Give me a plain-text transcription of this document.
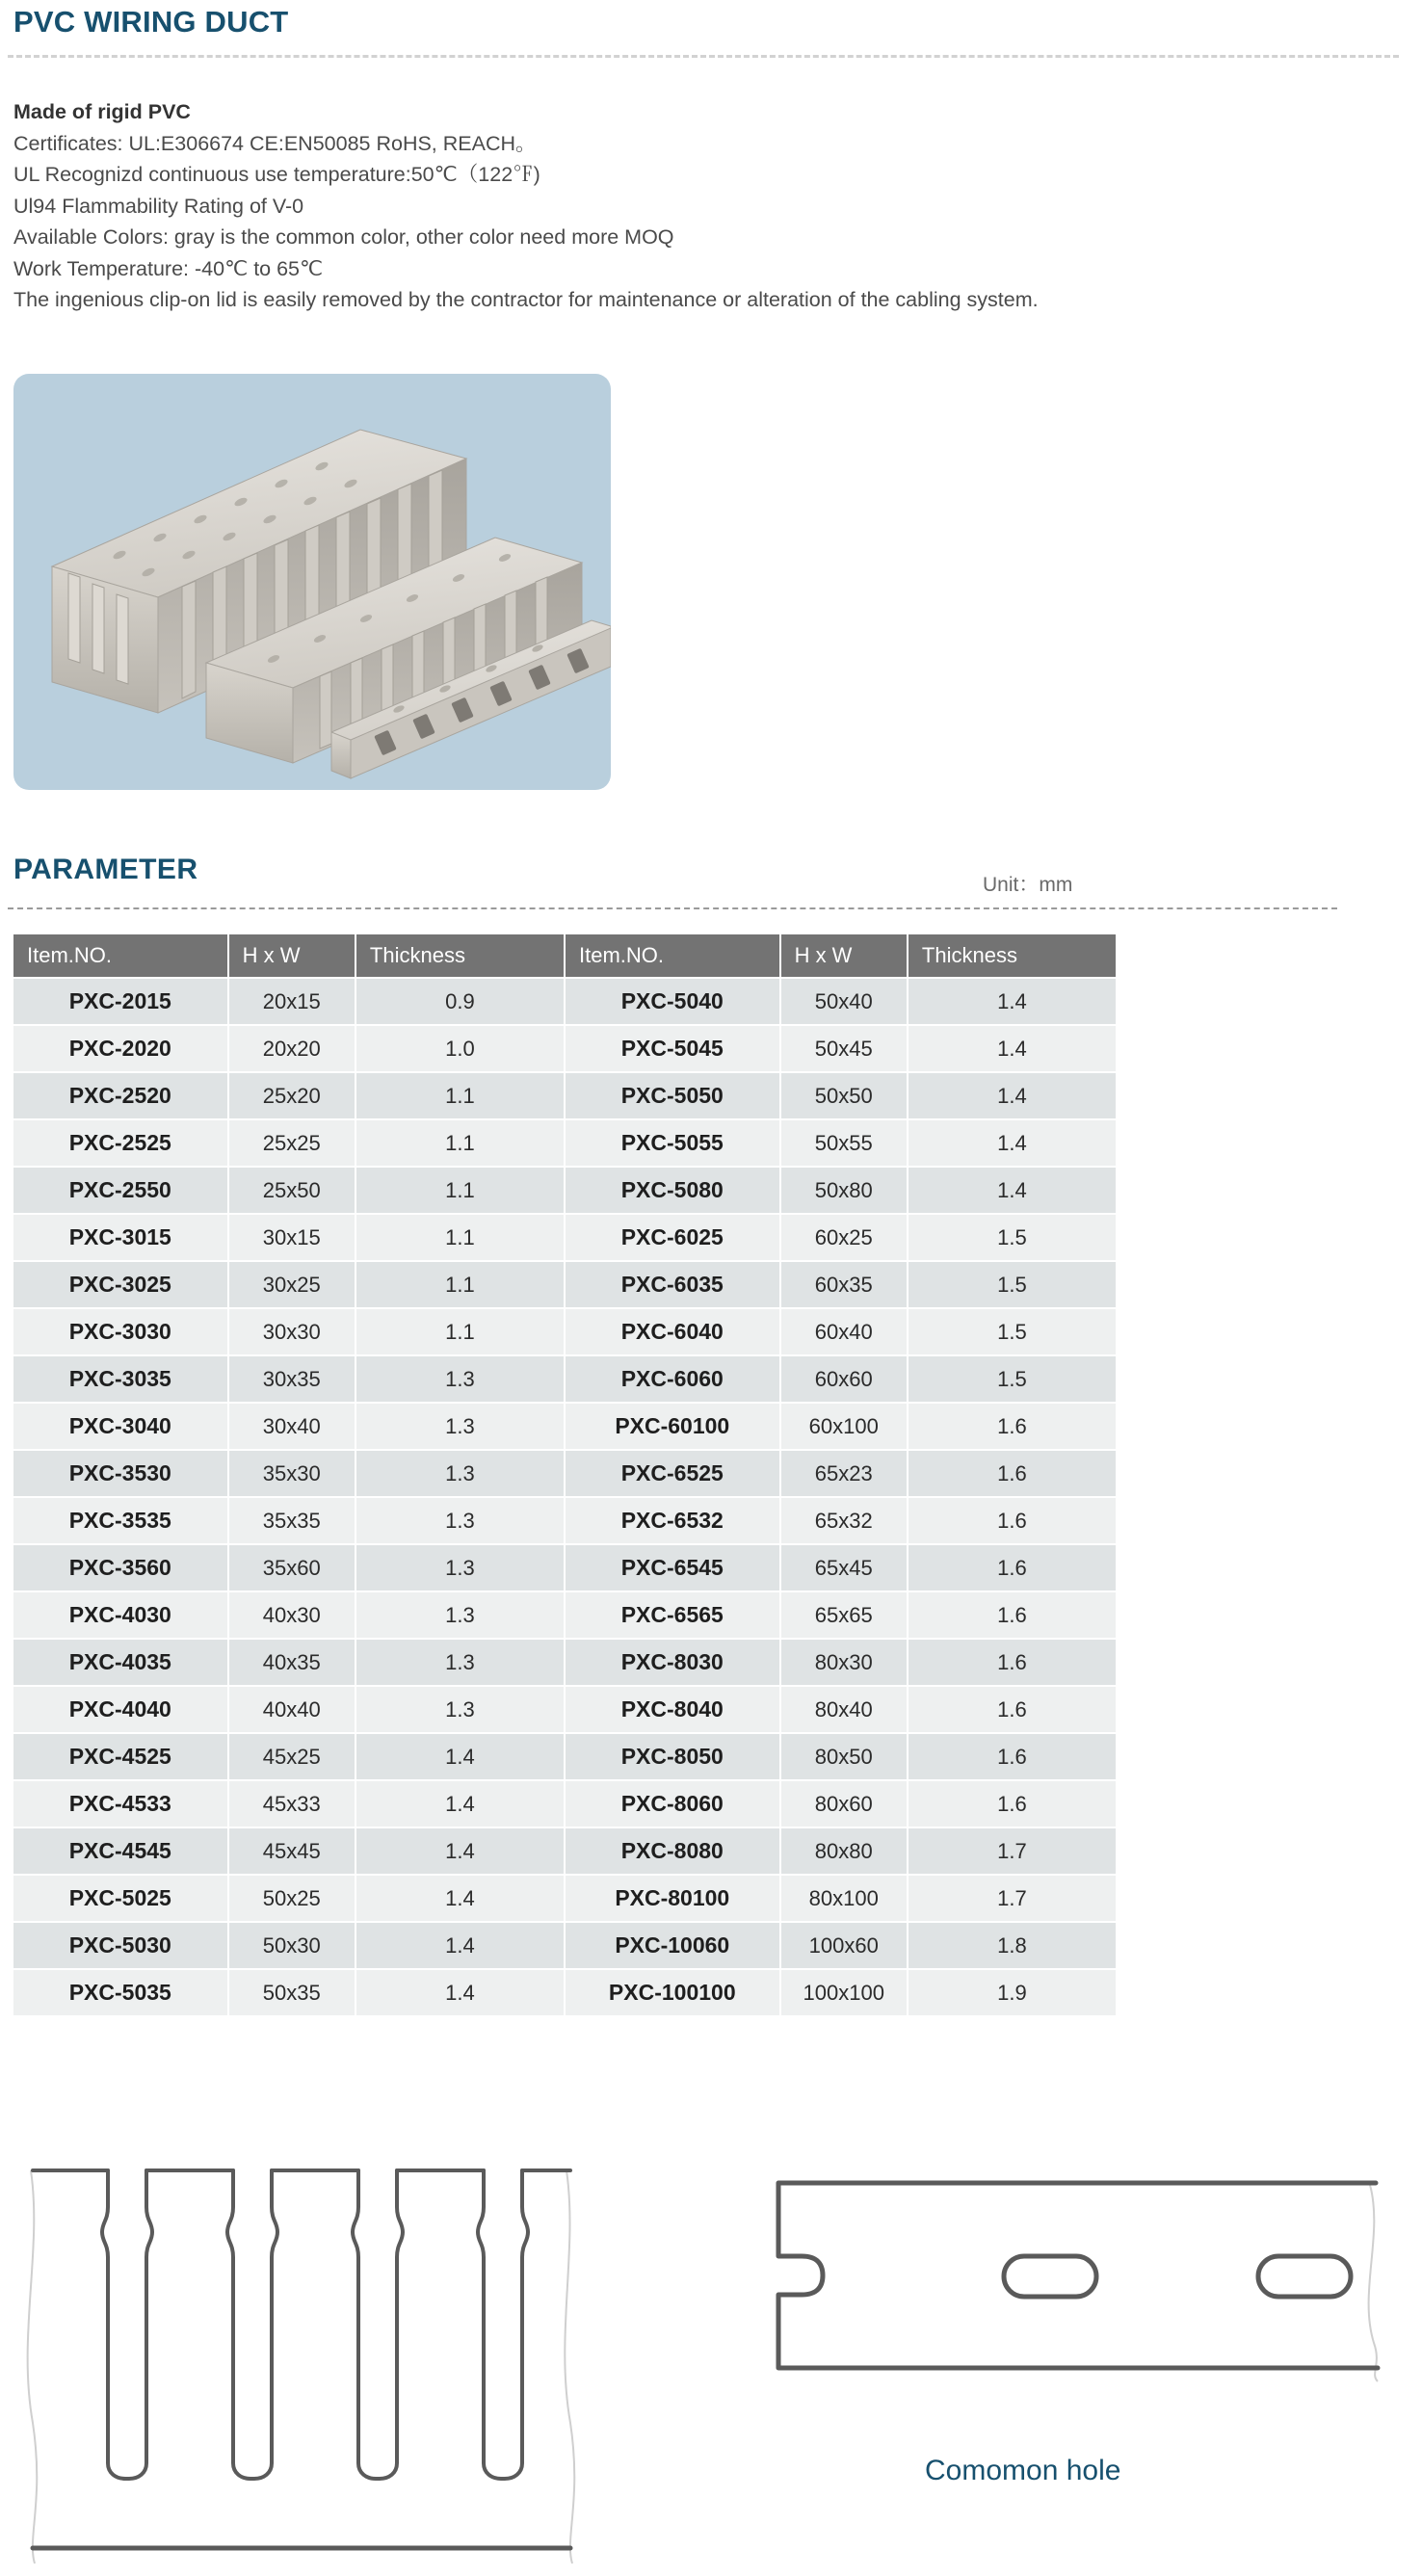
PVC WIRING DUCT
Made of rigid PVC
Certificates: UL:E306674 CE:EN50085 RoHS, REACH。
UL Recognizd continuous use temperature:50℃（122℉)
Ul94 Flammability Rating of V-0
Available Colors: gray is the common color, other color need more MOQ
Work Temperature: -40℃ to 65℃
The ingenious clip-on lid is easily removed by the contractor for maintenance or alteration of the cabling system.
PARAMETER	Unit：mm
Item.NO.	H x W	Thickness	Item.NO.	H x W	Thickness
PXC-2015	20x15	0.9	PXC-5040	50x40	1.4
PXC-2020	20x20	1.0	PXC-5045	50x45	1.4
PXC-2520	25x20	1.1	PXC-5050	50x50	1.4
PXC-2525	25x25	1.1	PXC-5055	50x55	1.4
PXC-2550	25x50	1.1	PXC-5080	50x80	1.4
PXC-3015	30x15	1.1	PXC-6025	60x25	1.5
PXC-3025	30x25	1.1	PXC-6035	60x35	1.5
PXC-3030	30x30	1.1	PXC-6040	60x40	1.5
PXC-3035	30x35	1.3	PXC-6060	60x60	1.5
PXC-3040	30x40	1.3	PXC-60100	60x100	1.6
PXC-3530	35x30	1.3	PXC-6525	65x23	1.6
PXC-3535	35x35	1.3	PXC-6532	65x32	1.6
PXC-3560	35x60	1.3	PXC-6545	65x45	1.6
PXC-4030	40x30	1.3	PXC-6565	65x65	1.6
PXC-4035	40x35	1.3	PXC-8030	80x30	1.6
PXC-4040	40x40	1.3	PXC-8040	80x40	1.6
PXC-4525	45x25	1.4	PXC-8050	80x50	1.6
PXC-4533	45x33	1.4	PXC-8060	80x60	1.6
PXC-4545	45x45	1.4	PXC-8080	80x80	1.7
PXC-5025	50x25	1.4	PXC-80100	80x100	1.7
PXC-5030	50x30	1.4	PXC-10060	100x60	1.8
PXC-5035	50x35	1.4	PXC-100100	100x100	1.9
Comomon hole
